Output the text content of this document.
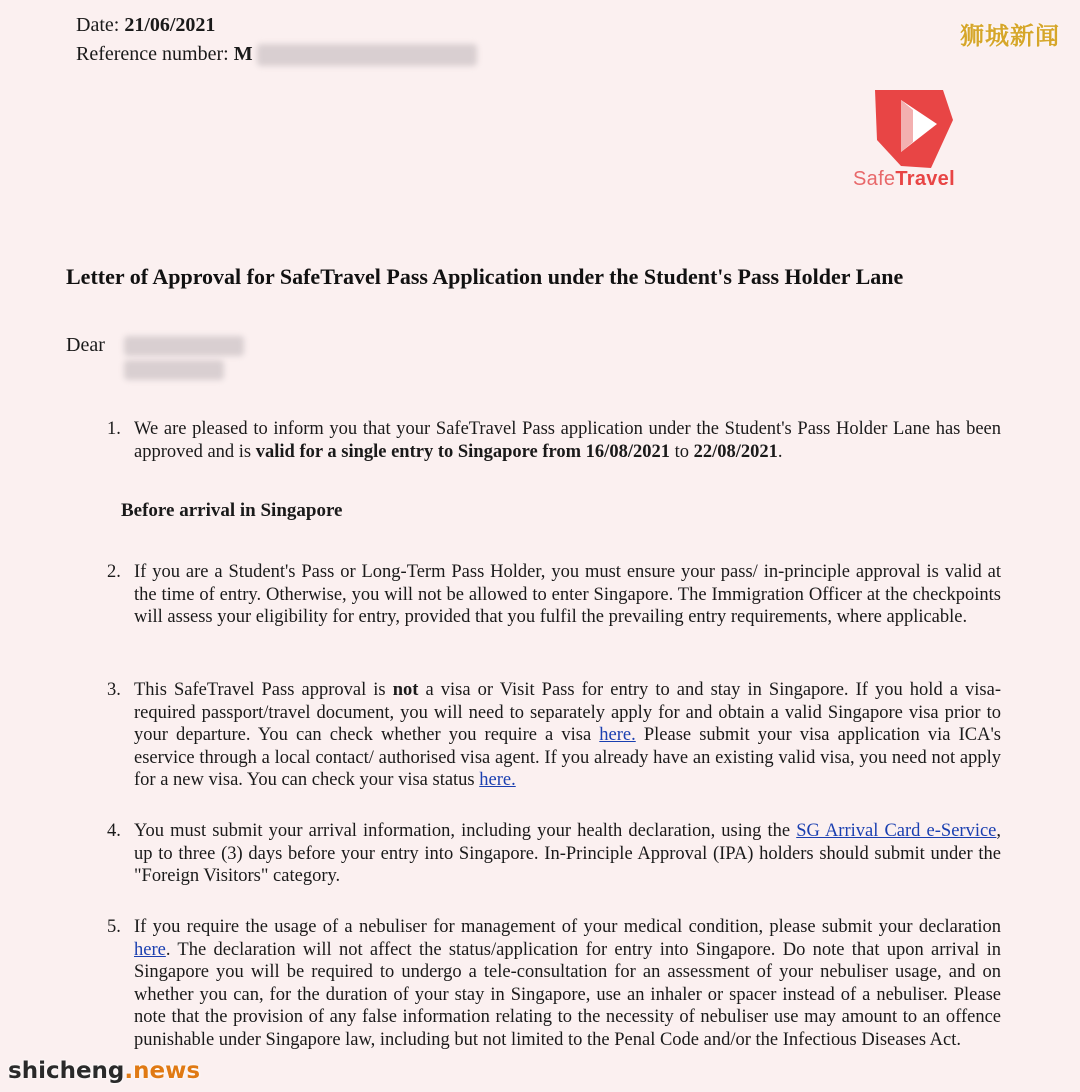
Date: 21/06/2021
Reference number: M
狮城新闻
SafeTravel
Letter of Approval for SafeTravel Pass Application under the Student's Pass Holder Lane
Dear
1. We are pleased to inform you that your SafeTravel Pass application under the Student's Pass Holder Lane has been approved and is valid for a single entry to Singapore from 16/08/2021 to 22/08/2021.
Before arrival in Singapore
2. If you are a Student's Pass or Long-Term Pass Holder, you must ensure your pass/ in-principle approval is valid at the time of entry. Otherwise, you will not be allowed to enter Singapore. The Immigration Officer at the checkpoints will assess your eligibility for entry, provided that you fulfil the prevailing entry requirements, where applicable.
3. This SafeTravel Pass approval is not a visa or Visit Pass for entry to and stay in Singapore. If you hold a visa-required passport/travel document, you will need to separately apply for and obtain a valid Singapore visa prior to your departure. You can check whether you require a visa here. Please submit your visa application via ICA's eservice through a local contact/ authorised visa agent. If you already have an existing valid visa, you need not apply for a new visa. You can check your visa status here.
4. You must submit your arrival information, including your health declaration, using the SG Arrival Card e-Service, up to three (3) days before your entry into Singapore. In-Principle Approval (IPA) holders should submit under the "Foreign Visitors" category.
5. If you require the usage of a nebuliser for management of your medical condition, please submit your declaration here. The declaration will not affect the status/application for entry into Singapore. Do note that upon arrival in Singapore you will be required to undergo a tele-consultation for an assessment of your nebuliser usage, and on whether you can, for the duration of your stay in Singapore, use an inhaler or spacer instead of a nebuliser. Please note that the provision of any false information relating to the necessity of nebuliser use may amount to an offence punishable under Singapore law, including but not limited to the Penal Code and/or the Infectious Diseases Act.
shicheng.news
